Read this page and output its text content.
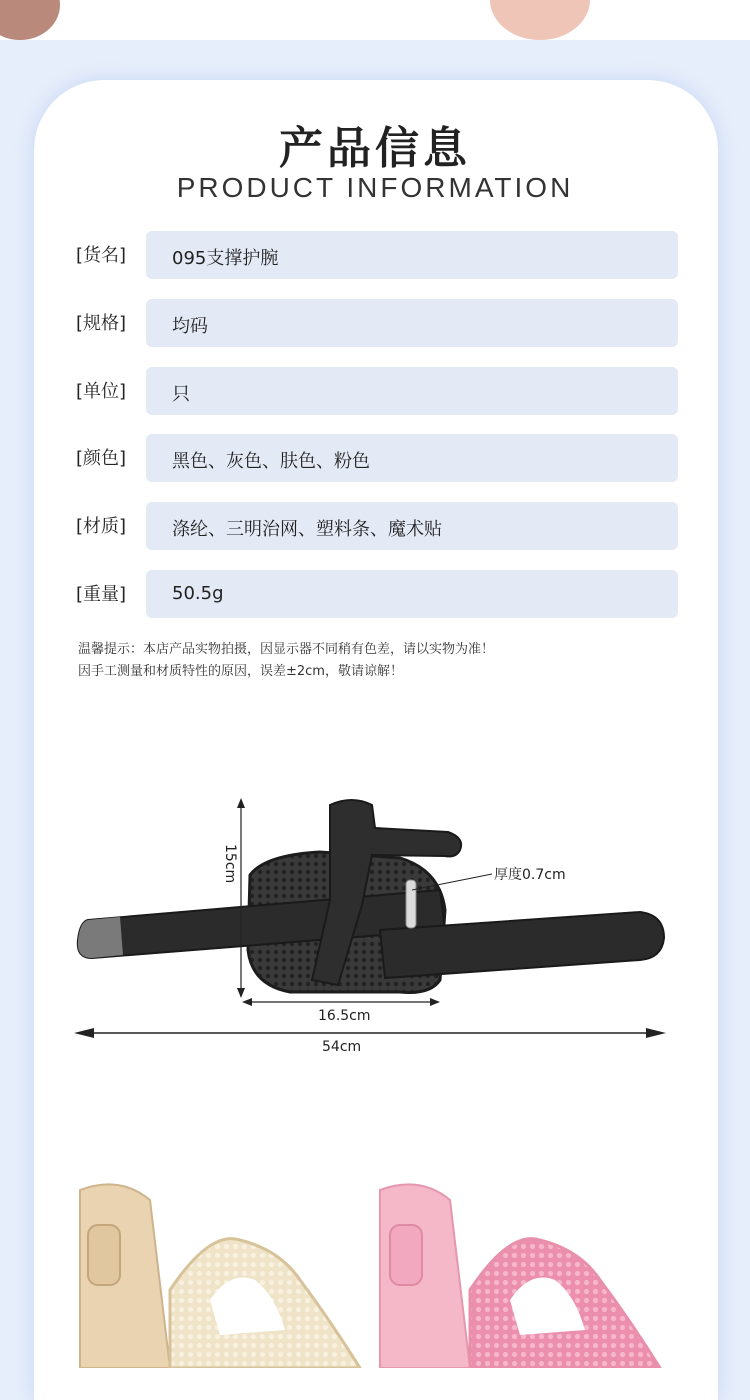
产品信息
PRODUCT INFORMATION
[货名]	095支撑护腕
[规格]	均码
[单位]	只
[颜色]	黑色、灰色、肤色、粉色
[材质]	涤纶、三明治网、塑料条、魔术贴
[重量]	50.5g
温馨提示：本店产品实物拍摄，因显示器不同稍有色差，请以实物为准！
因手工测量和材质特性的原因，误差±2cm，敬请谅解！
15cm	厚度0.7cm
16.5cm
54cm
